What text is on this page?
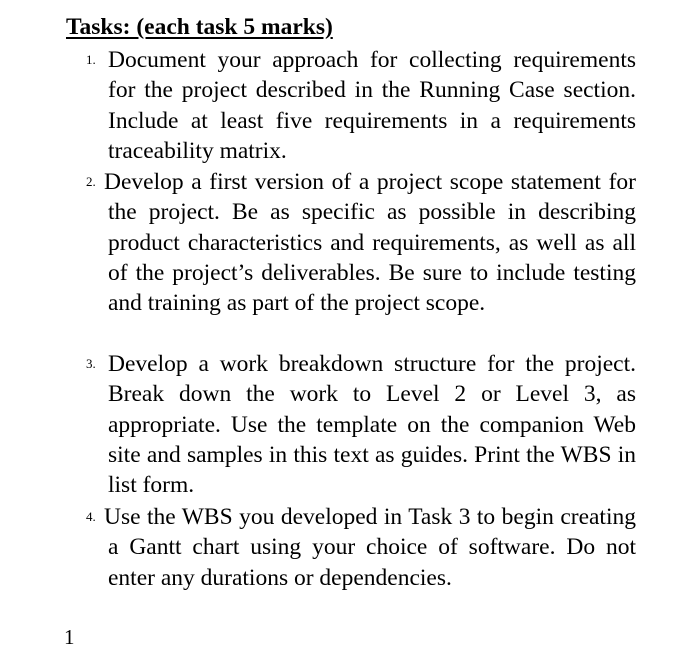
Tasks: (each task 5 marks)
1. Document your approach for collecting requirements for the project described in the Running Case section. Include at least five requirements in a requirements traceability matrix.
2. Develop a first version of a project scope statement for the project. Be as specific as possible in describing product characteristics and requirements, as well as all of the project’s deliverables. Be sure to include testing and training as part of the project scope.
3. Develop a work breakdown structure for the project. Break down the work to Level 2 or Level 3, as appropriate. Use the template on the companion Web site and samples in this text as guides. Print the WBS in list form.
4. Use the WBS you developed in Task 3 to begin creating a Gantt chart using your choice of software. Do not enter any durations or dependencies.
1
